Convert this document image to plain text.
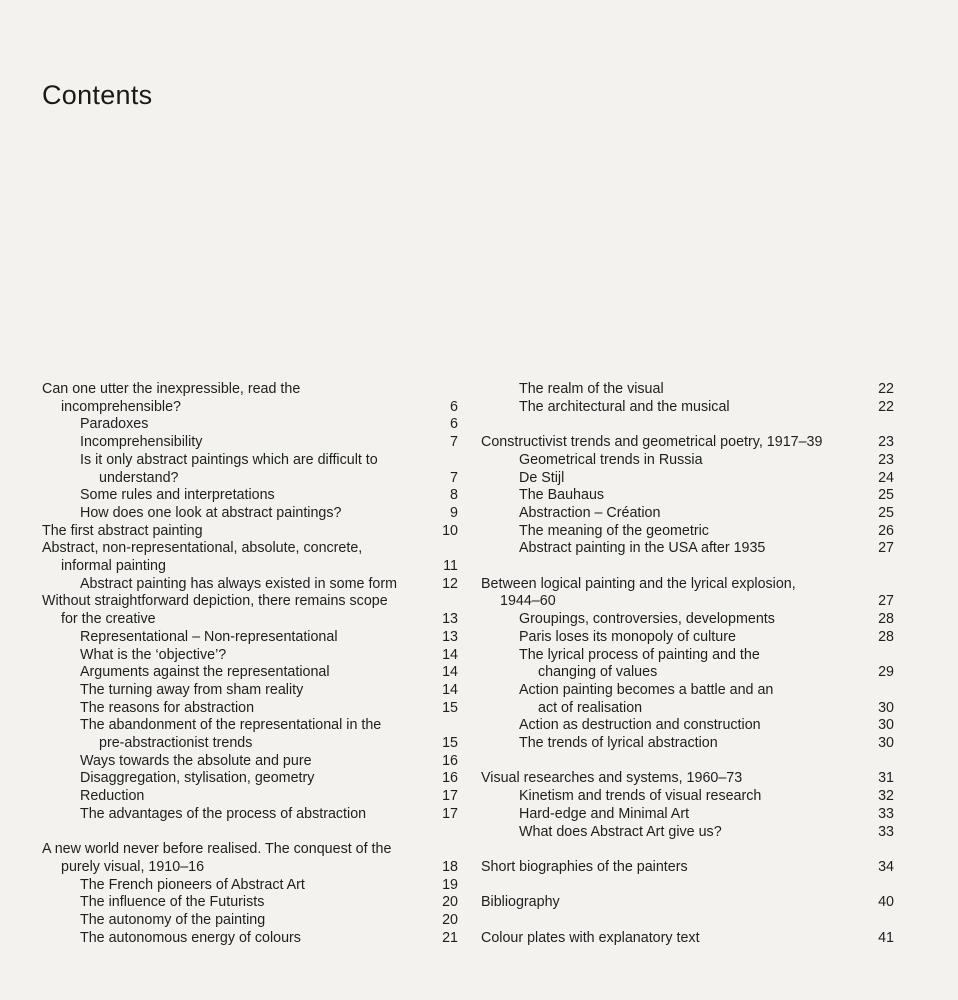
Contents
Can one utter the inexpressible, read the
incomprehensible?	6
Paradoxes	6
Incomprehensibility	7
Is it only abstract paintings which are difficult to
understand?	7
Some rules and interpretations	8
How does one look at abstract paintings?	9
The first abstract painting	10
Abstract, non-representational, absolute, concrete,
informal painting	11
Abstract painting has always existed in some form	12
Without straightforward depiction, there remains scope
for the creative	13
Representational – Non-representational	13
What is the ‘objective’?	14
Arguments against the representational	14
The turning away from sham reality	14
The reasons for abstraction	15
The abandonment of the representational in the
pre-abstractionist trends	15
Ways towards the absolute and pure	16
Disaggregation, stylisation, geometry	16
Reduction	17
The advantages of the process of abstraction	17
A new world never before realised. The conquest of the
purely visual, 1910–16	18
The French pioneers of Abstract Art	19
The influence of the Futurists	20
The autonomy of the painting	20
The autonomous energy of colours	21
The realm of the visual	22
The architectural and the musical	22
Constructivist trends and geometrical poetry, 1917–39	23
Geometrical trends in Russia	23
De Stijl	24
The Bauhaus	25
Abstraction – Création	25
The meaning of the geometric	26
Abstract painting in the USA after 1935	27
Between logical painting and the lyrical explosion,
1944–60	27
Groupings, controversies, developments	28
Paris loses its monopoly of culture	28
The lyrical process of painting and the
changing of values	29
Action painting becomes a battle and an
act of realisation	30
Action as destruction and construction	30
The trends of lyrical abstraction	30
Visual researches and systems, 1960–73	31
Kinetism and trends of visual research	32
Hard-edge and Minimal Art	33
What does Abstract Art give us?	33
Short biographies of the painters	34
Bibliography	40
Colour plates with explanatory text	41
